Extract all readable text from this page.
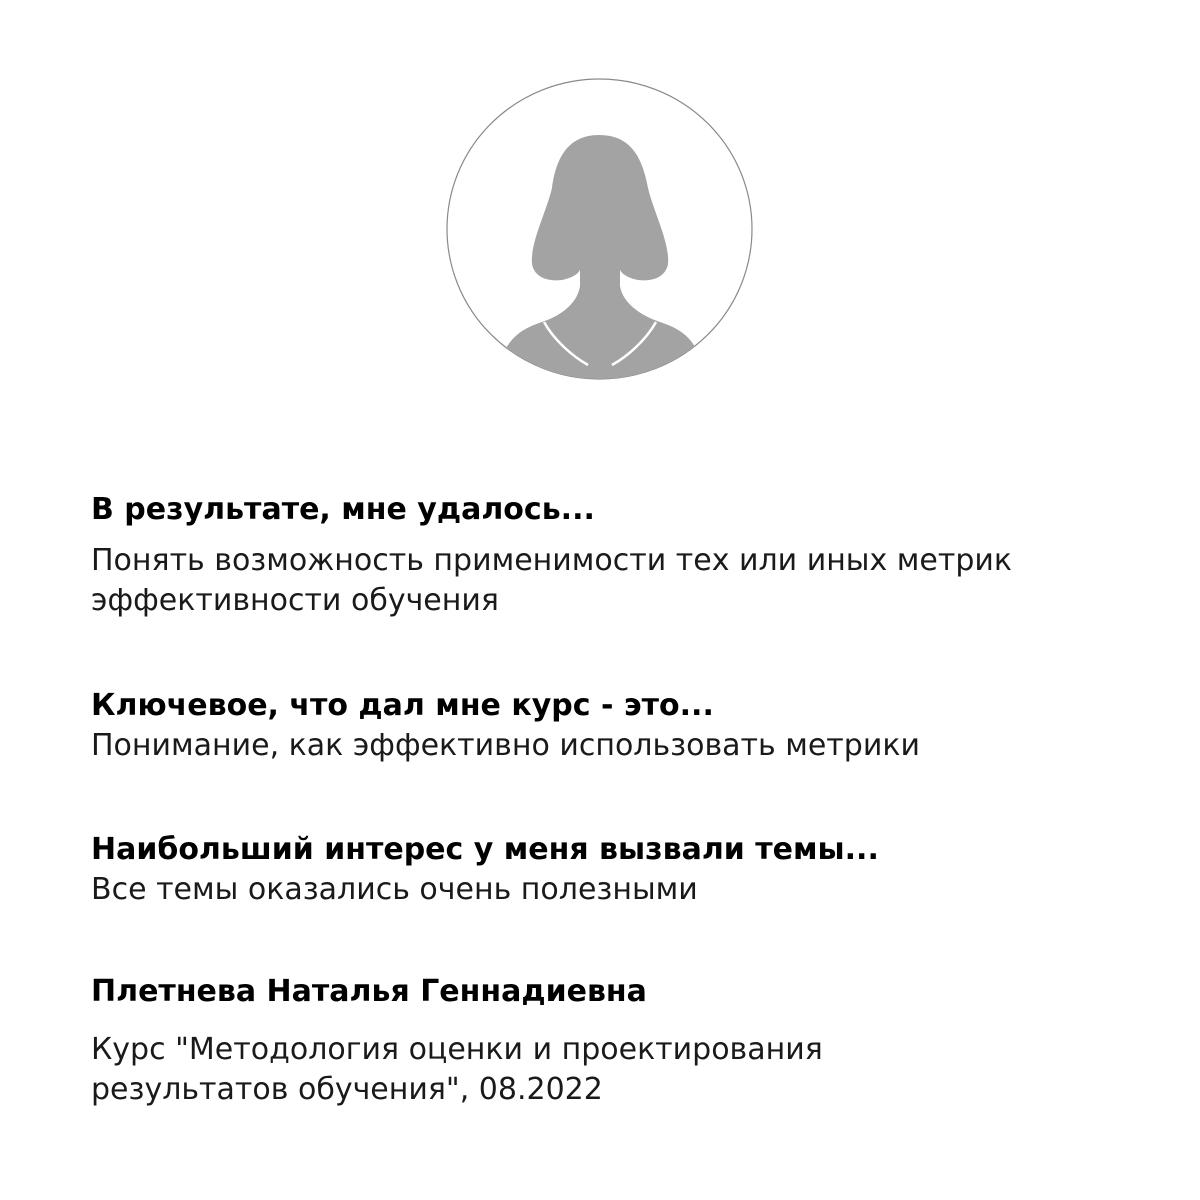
В результате, мне удалось...

Понять возможность применимости тех или иных метрик эффективности обучения

Ключевое, что дал мне курс - это...

Понимание, как эффективно использовать метрики

Наибольший интерес у меня вызвали темы...

Все темы оказались очень полезными

Плетнева Наталья Геннадиевна

Курс "Методология оценки и проектирования результатов обучения", 08.2022
